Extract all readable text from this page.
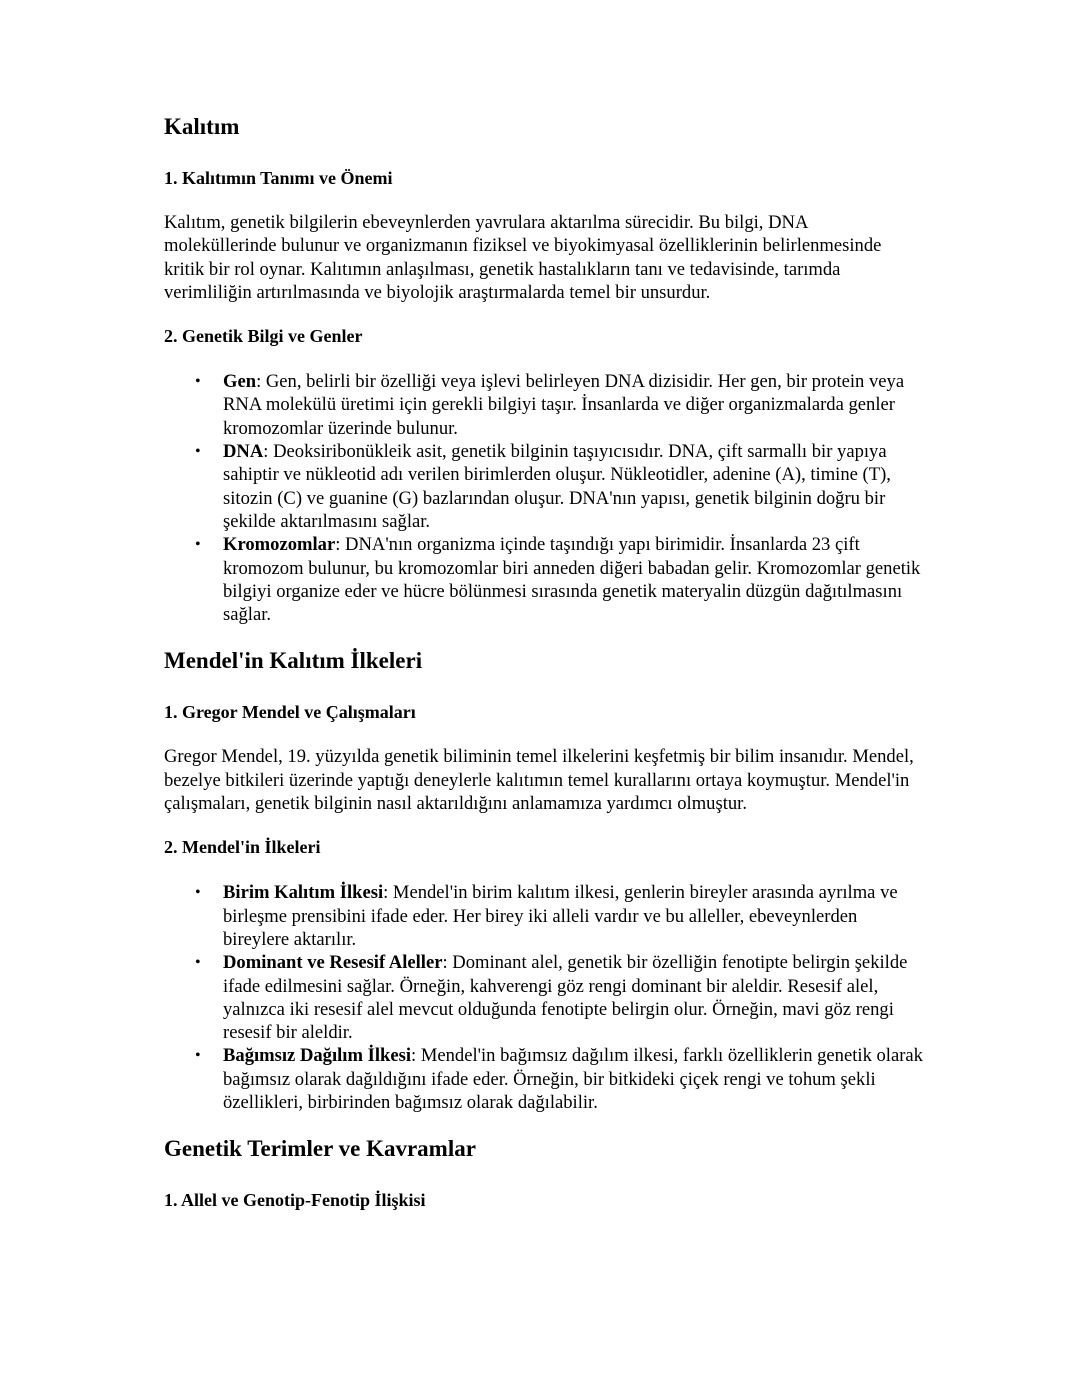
Kalıtım
1. Kalıtımın Tanımı ve Önemi

Kalıtım, genetik bilgilerin ebeveynlerden yavrulara aktarılma sürecidir. Bu bilgi, DNA moleküllerinde bulunur ve organizmanın fiziksel ve biyokimyasal özelliklerinin belirlenmesinde kritik bir rol oynar. Kalıtımın anlaşılması, genetik hastalıkların tanı ve tedavisinde, tarımda verimliliğin artırılmasında ve biyolojik araştırmalarda temel bir unsurdur.

2. Genetik Bilgi ve Genler
• Gen: Gen, belirli bir özelliği veya işlevi belirleyen DNA dizisidir. Her gen, bir protein veya RNA molekülü üretimi için gerekli bilgiyi taşır. İnsanlarda ve diğer organizmalarda genler kromozomlar üzerinde bulunur.
• DNA: Deoksiribonükleik asit, genetik bilginin taşıyıcısıdır. DNA, çift sarmallı bir yapıya sahiptir ve nükleotid adı verilen birimlerden oluşur. Nükleotidler, adenine (A), timine (T), sitozin (C) ve guanine (G) bazlarından oluşur. DNA'nın yapısı, genetik bilginin doğru bir şekilde aktarılmasını sağlar.
• Kromozomlar: DNA'nın organizma içinde taşındığı yapı birimidir. İnsanlarda 23 çift kromozom bulunur, bu kromozomlar biri anneden diğeri babadan gelir. Kromozomlar genetik bilgiyi organize eder ve hücre bölünmesi sırasında genetik materyalin düzgün dağıtılmasını sağlar.
Mendel'in Kalıtım İlkeleri
1. Gregor Mendel ve Çalışmaları

Gregor Mendel, 19. yüzyılda genetik biliminin temel ilkelerini keşfetmiş bir bilim insanıdır. Mendel, bezelye bitkileri üzerinde yaptığı deneylerle kalıtımın temel kurallarını ortaya koymuştur. Mendel'in çalışmaları, genetik bilginin nasıl aktarıldığını anlamamıza yardımcı olmuştur.

2. Mendel'in İlkeleri
• Birim Kalıtım İlkesi: Mendel'in birim kalıtım ilkesi, genlerin bireyler arasında ayrılma ve birleşme prensibini ifade eder. Her birey iki alleli vardır ve bu alleller, ebeveynlerden bireylere aktarılır.
• Dominant ve Resesif Aleller: Dominant alel, genetik bir özelliğin fenotipte belirgin şekilde ifade edilmesini sağlar. Örneğin, kahverengi göz rengi dominant bir aleldir. Resesif alel, yalnızca iki resesif alel mevcut olduğunda fenotipte belirgin olur. Örneğin, mavi göz rengi resesif bir aleldir.
• Bağımsız Dağılım İlkesi: Mendel'in bağımsız dağılım ilkesi, farklı özelliklerin genetik olarak bağımsız olarak dağıldığını ifade eder. Örneğin, bir bitkideki çiçek rengi ve tohum şekli özellikleri, birbirinden bağımsız olarak dağılabilir.
Genetik Terimler ve Kavramlar
1. Allel ve Genotip-Fenotip İlişkisi
